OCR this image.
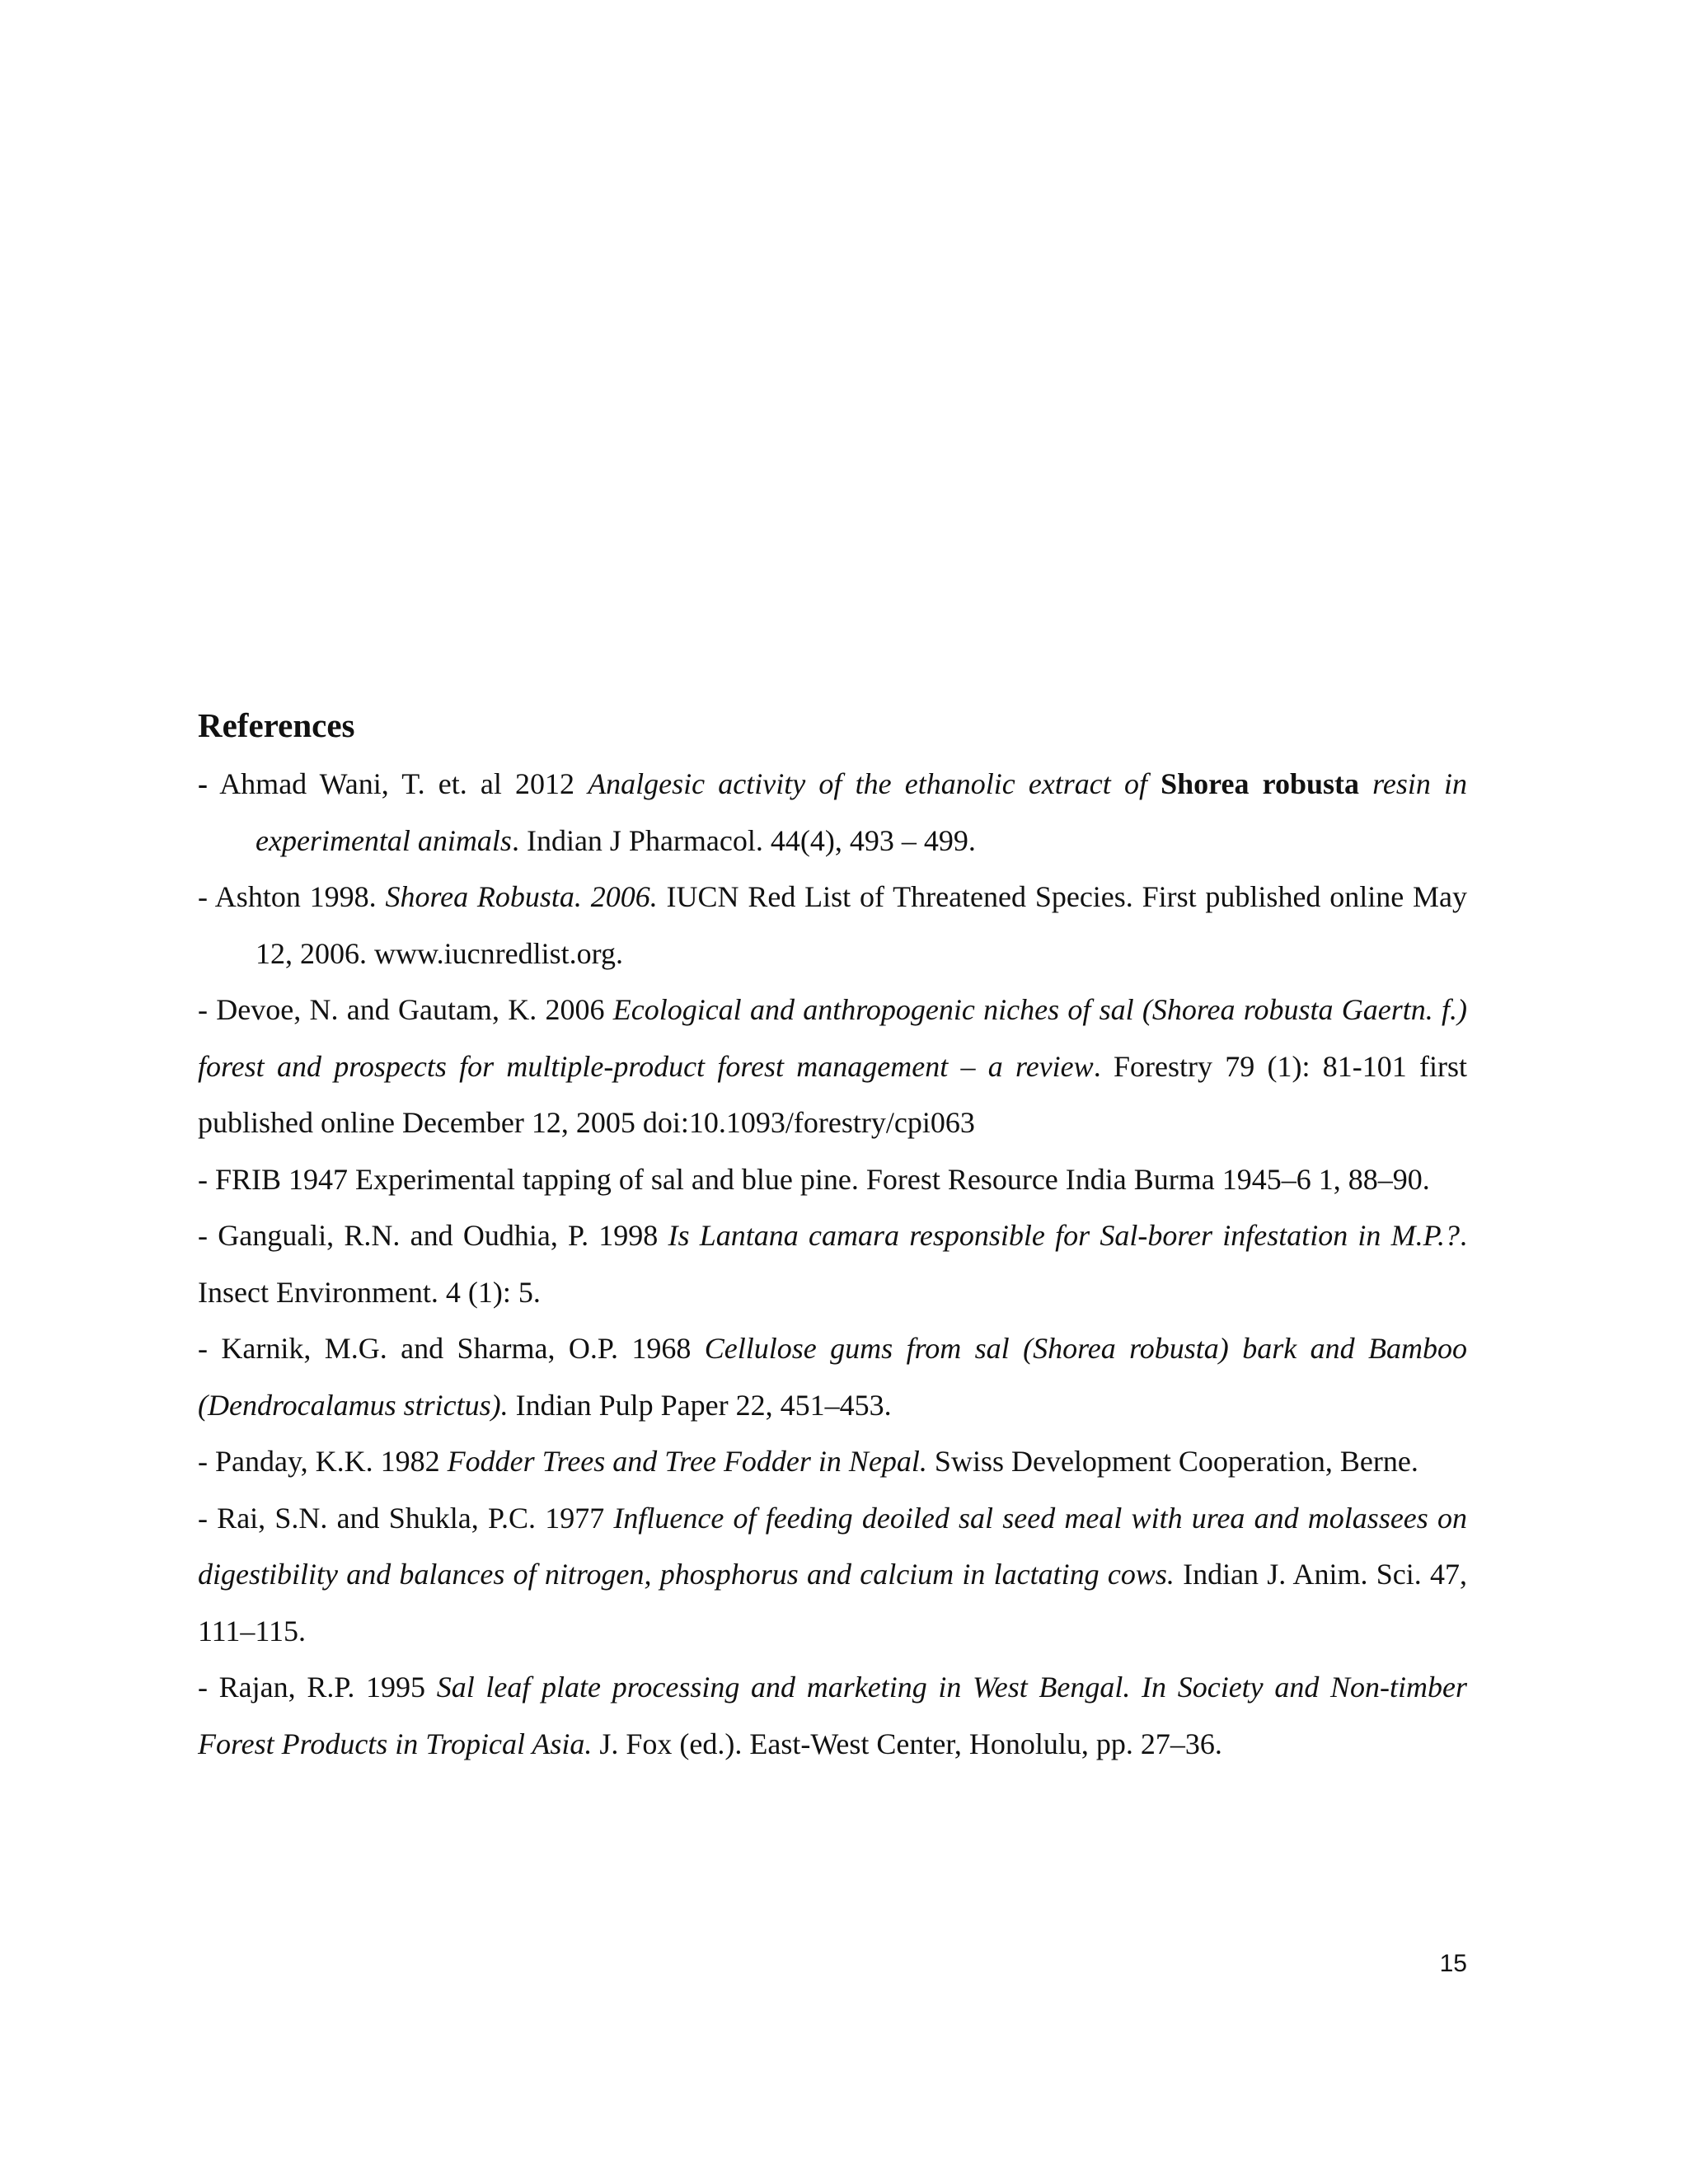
References

- Ahmad Wani, T. et. al 2012 Analgesic activity of the ethanolic extract of Shorea robusta resin in experimental animals. Indian J Pharmacol. 44(4), 493 – 499.

- Ashton 1998. Shorea Robusta. 2006. IUCN Red List of Threatened Species. First published online May 12, 2006. www.iucnredlist.org.

- Devoe, N. and Gautam, K. 2006 Ecological and anthropogenic niches of sal (Shorea robusta Gaertn. f.) forest and prospects for multiple-product forest management – a review. Forestry 79 (1): 81-101 first published online December 12, 2005 doi:10.1093/forestry/cpi063

- FRIB 1947 Experimental tapping of sal and blue pine. Forest Resource India Burma 1945–6 1, 88–90.

- Ganguali, R.N. and Oudhia, P. 1998 Is Lantana camara responsible for Sal-borer infestation in M.P.?. Insect Environment. 4 (1): 5.

- Karnik, M.G. and Sharma, O.P. 1968 Cellulose gums from sal (Shorea robusta) bark and Bamboo (Dendrocalamus strictus). Indian Pulp Paper 22, 451–453.

- Panday, K.K. 1982 Fodder Trees and Tree Fodder in Nepal. Swiss Development Cooperation, Berne.

- Rai, S.N. and Shukla, P.C. 1977 Influence of feeding deoiled sal seed meal with urea and molassees on digestibility and balances of nitrogen, phosphorus and calcium in lactating cows. Indian J. Anim. Sci. 47, 111–115.

- Rajan, R.P. 1995 Sal leaf plate processing and marketing in West Bengal. In Society and Non-timber Forest Products in Tropical Asia. J. Fox (ed.). East-West Center, Honolulu, pp. 27–36.

15
